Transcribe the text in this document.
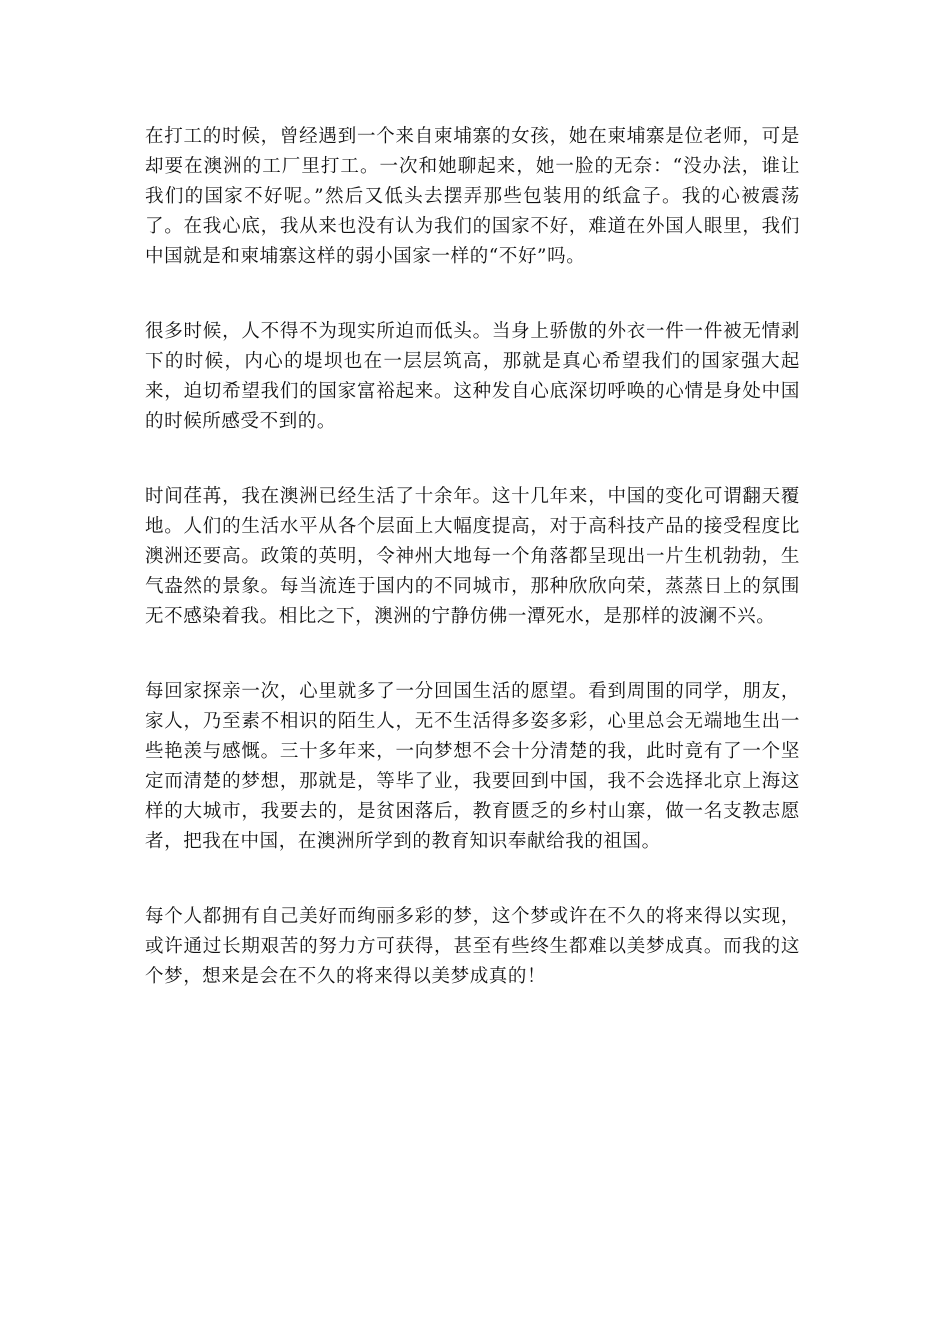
在打工的时候，曾经遇到一个来自柬埔寨的女孩，她在柬埔寨是位老师，可是却要在澳洲的工厂里打工。一次和她聊起来，她一脸的无奈：“没办法，谁让我们的国家不好呢。”然后又低头去摆弄那些包装用的纸盒子。我的心被震荡了。在我心底，我从来也没有认为我们的国家不好，难道在外国人眼里，我们中国就是和柬埔寨这样的弱小国家一样的“不好”吗。

很多时候，人不得不为现实所迫而低头。当身上骄傲的外衣一件一件被无情剥下的时候，内心的堤坝也在一层层筑高，那就是真心希望我们的国家强大起来，迫切希望我们的国家富裕起来。这种发自心底深切呼唤的心情是身处中国的时候所感受不到的。

时间荏苒，我在澳洲已经生活了十余年。这十几年来，中国的变化可谓翻天覆地。人们的生活水平从各个层面上大幅度提高，对于高科技产品的接受程度比澳洲还要高。政策的英明，令神州大地每一个角落都呈现出一片生机勃勃，生气盎然的景象。每当流连于国内的不同城市，那种欣欣向荣，蒸蒸日上的氛围无不感染着我。相比之下，澳洲的宁静仿佛一潭死水，是那样的波澜不兴。

每回家探亲一次，心里就多了一分回国生活的愿望。看到周围的同学，朋友，家人，乃至素不相识的陌生人，无不生活得多姿多彩，心里总会无端地生出一些艳羡与感慨。三十多年来，一向梦想不会十分清楚的我，此时竟有了一个坚定而清楚的梦想，那就是，等毕了业，我要回到中国，我不会选择北京上海这样的大城市，我要去的，是贫困落后，教育匮乏的乡村山寨，做一名支教志愿者，把我在中国，在澳洲所学到的教育知识奉献给我的祖国。

每个人都拥有自己美好而绚丽多彩的梦，这个梦或许在不久的将来得以实现，或许通过长期艰苦的努力方可获得，甚至有些终生都难以美梦成真。而我的这个梦，想来是会在不久的将来得以美梦成真的！
